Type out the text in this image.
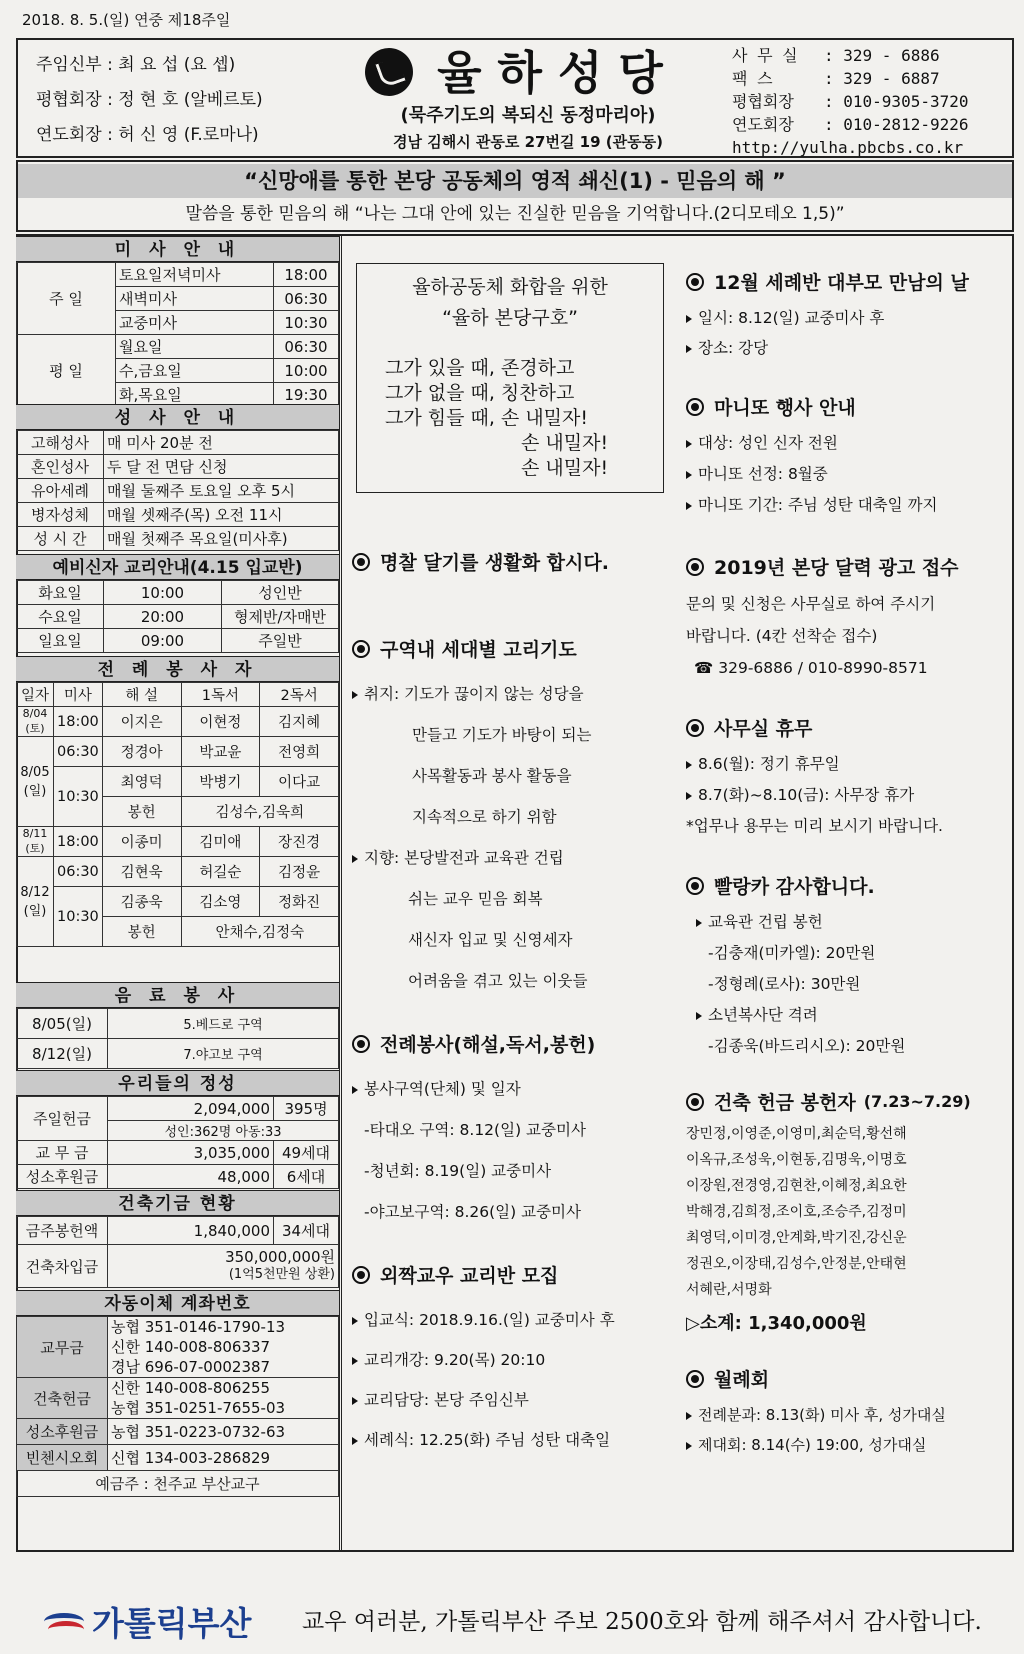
2018. 8. 5.(일) 연중 제18주일
주임신부 : 최 요 섭 (요 셉)
평협회장 : 정 현 호 (알베르토)
연도회장 : 허 신 영 (F.로마나)
율하성당
(묵주기도의 복되신 동정마리아)
경남 김해시 관동로 27번길 19 (관동동)
사 무 실	: 329 - 6886
팩 스	: 329 - 6887
평협회장	: 010-9305-3720
연도회장	: 010-2812-9226
http://yulha.pbcbs.co.kr
“신망애를 통한 본당 공동체의 영적 쇄신(1) - 믿음의 해 ”
말씀을 통한 믿음의 해 “나는 그대 안에 있는 진실한 믿음을 기억합니다.(2디모테오 1,5)”
미 사 안 내
주 일	토요일저녁미사	18:00
	새벽미사	06:30
	교중미사	10:30
평 일	월요일	06:30
	수,금요일	10:00
	화,목요일	19:30
성 사 안 내
고해성사	매 미사 20분 전
혼인성사	두 달 전 면담 신청
유아세례	매월 둘째주 토요일 오후 5시
병자성체	매월 셋째주(목) 오전 11시
성 시 간	매월 첫째주 목요일(미사후)
예비신자 교리안내(4.15 입교반)
화요일	10:00	성인반
수요일	20:00	형제반/자매반
일요일	09:00	주일반
전 례 봉 사 자
일자	미사	해 설	1독서	2독서
8/04 (토)	18:00	이지은	이현정	김지혜
8/05 (일)	06:30	정경아	박교윤	전영희
	10:30	최영덕	박병기	이다교
		봉헌	김성수,김욱희	
8/11 (토)	18:00	이종미	김미애	장진경
8/12 (일)	06:30	김현욱	허길순	김정윤
	10:30	김종욱	김소영	정화진
		봉헌	안채수,김정숙	
음 료 봉 사
8/05(일)	5.베드로 구역
8/12(일)	7.야고보 구역
우리들의 정성
주일헌금	2,094,000	395명
	성인:362명 아동:33	
교 무 금	3,035,000	49세대
성소후원금	48,000	6세대
건축기금 현황
금주봉헌액	1,840,000	34세대
건축차입금	350,000,000원
(1억5천만원 상환)	
자동이체 계좌번호
교무금	농협 351-0146-1790-13
신한 140-008-806337
경남 696-07-0002387

건축헌금	신한 140-008-806255
농협 351-0251-7655-03

성소후원금	농협 351-0223-0732-63
빈첸시오회	신협 134-003-286829
예금주 : 천주교 부산교구	
율하공동체 화합을 위한
“율하 본당구호”
그가 있을 때, 존경하고
그가 없을 때, 칭찬하고
그가 힘들 때, 손 내밀자!
손 내밀자!
손 내밀자!
명찰 달기를 생활화 합시다.
구역내 세대별 고리기도
취지: 기도가 끊이지 않는 성당을
만들고 기도가 바탕이 되는
사목활동과 봉사 활동을
지속적으로 하기 위함
지향: 본당발전과 교육관 건립
쉬는 교우 믿음 회복
새신자 입교 및 신영세자
어려움을 겪고 있는 이웃들
전례봉사(해설,독서,봉헌)
봉사구역(단체) 및 일자
-타대오 구역: 8.12(일) 교중미사
-청년회: 8.19(일) 교중미사
-야고보구역: 8.26(일) 교중미사
외짝교우 교리반 모집
입교식: 2018.9.16.(일) 교중미사 후
교리개강: 9.20(목) 20:10
교리담당: 본당 주임신부
세례식: 12.25(화) 주님 성탄 대축일
12월 세례반 대부모 만남의 날
일시: 8.12(일) 교중미사 후
장소: 강당
마니또 행사 안내
대상: 성인 신자 전원
마니또 선정: 8월중
마니또 기간: 주님 성탄 대축일 까지
2019년 본당 달력 광고 접수
문의 및 신청은 사무실로 하여 주시기
바랍니다. (4칸 선착순 접수)
☎ 329-6886 / 010-8990-8571
사무실 휴무
8.6(월): 정기 휴무일
8.7(화)~8.10(금): 사무장 휴가
*업무나 용무는 미리 보시기 바랍니다.
빨랑카 감사합니다.
교육관 건립 봉헌
-김충재(미카엘): 20만원
-정형례(로사): 30만원
소년복사단 격려
-김종욱(바드리시오): 20만원
건축 헌금 봉헌자 (7.23~7.29)
장민정,이영준,이영미,최순덕,황선해
이옥규,조성욱,이현동,김명욱,이명호
이장원,전경영,김현찬,이혜정,최요한
박해경,김희정,조이호,조승주,김정미
최영덕,이미경,안계화,박기진,강신운
정권오,이장태,김성수,안정분,안태현
서혜란,서명화
▷소계: 1,340,000원
월례회
전례분과: 8.13(화) 미사 후, 성가대실
제대회: 8.14(수) 19:00, 성가대실
가톨릭부산 교우 여러분, 가톨릭부산 주보 2500호와 함께 해주셔서 감사합니다.
